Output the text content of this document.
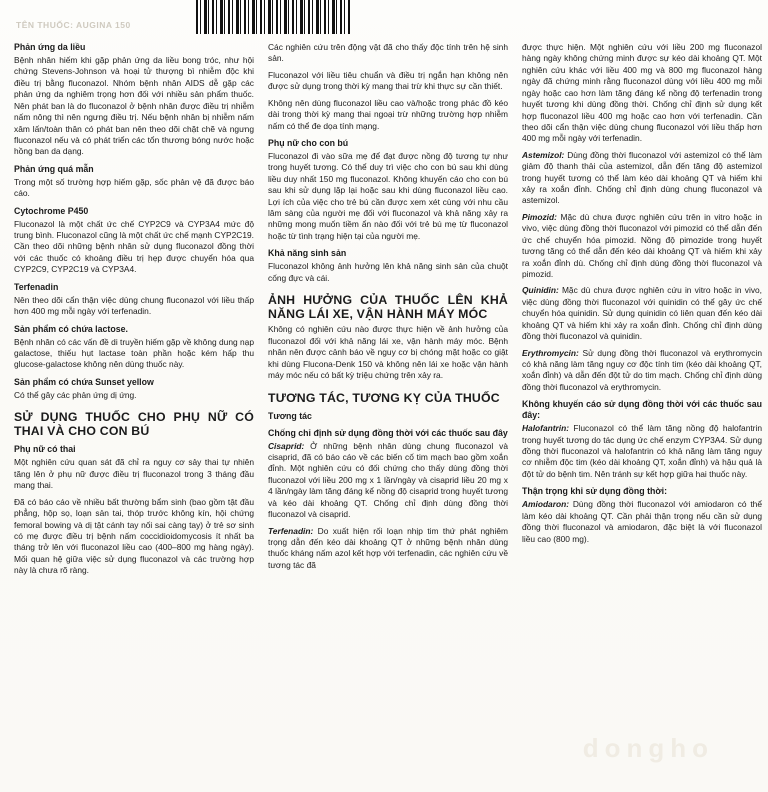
TÊN THUỐC: AUGINA 150
Phản ứng da liều

Bệnh nhân hiếm khi gặp phản ứng da liều bong tróc, như hội chứng Stevens-Johnson và hoại tử thượng bì nhiễm độc khi điều trị bằng fluconazol. Nhóm bệnh nhân AIDS dễ gặp các phản ứng da nghiêm trọng hơn đối với nhiều sản phẩm thuốc. Nên phát ban là do fluconazol ở bệnh nhân được điều trị nhiễm nấm nông thì nên ngưng điều trị. Nếu bệnh nhân bị nhiễm nấm xâm lấn/toàn thân có phát ban nên theo dõi chặt chẽ và ngưng fluconazol nếu và có phát triển các tổn thương bóng nước hoặc hồng ban da dạng.

Phản ứng quá mẫn

Trong một số trường hợp hiếm gặp, sốc phản vệ đã được báo cáo.

Cytochrome P450

Fluconazol là một chất ức chế CYP2C9 và CYP3A4 mức độ trung bình. Fluconazol cũng là một chất ức chế mạnh CYP2C19. Cần theo dõi những bệnh nhân sử dụng fluconazol đồng thời với các thuốc có khoảng điều trị hẹp được chuyển hóa qua CYP2C9, CYP2C19 và CYP3A4.

Terfenadin

Nên theo dõi cẩn thận việc dùng chung fluconazol với liều thấp hơn 400 mg mỗi ngày với terfenadin.

Sản phẩm có chứa lactose.

Bệnh nhân có các vấn đề di truyền hiếm gặp về không dung nạp galactose, thiếu hụt lactase toàn phần hoặc kém hấp thu glucose-galactose không nên dùng thuốc này.

Sản phẩm có chứa Sunset yellow

Có thể gây các phản ứng dị ứng.

SỬ DỤNG THUỐC CHO PHỤ NỮ CÓ THAI VÀ CHO CON BÚ
Phụ nữ có thai

Một nghiên cứu quan sát đã chỉ ra nguy cơ sảy thai tự nhiên tăng lên ở phụ nữ được điều trị fluconazol trong 3 tháng đầu mang thai.

Đã có báo cáo về nhiều bất thường bẩm sinh (bao gồm tật đầu phẳng, hộp sọ, loạn sản tai, thóp trước không kín, hội chứng femoral bowing và dị tật cánh tay nối sai càng tay) ở trẻ sơ sinh có mẹ được điều trị bệnh nấm coccidioidomycosis ít nhất ba tháng trở lên với fluconazol liều cao (400–800 mg hàng ngày). Mối quan hệ giữa việc sử dụng fluconazol và các trường hợp này là chưa rõ ràng.

Các nghiên cứu trên động vật đã cho thấy độc tính trên hệ sinh sản.

Fluconazol với liều tiêu chuẩn và điều trị ngắn hạn không nên được sử dụng trong thời kỳ mang thai trừ khi thực sự cần thiết.

Không nên dùng fluconazol liều cao và/hoặc trong phác đồ kéo dài trong thời kỳ mang thai ngoại trừ những trường hợp nhiễm nấm có thể đe dọa tính mạng.

Phụ nữ cho con bú

Fluconazol đi vào sữa mẹ để đạt được nồng độ tương tự như trong huyết tương. Có thể duy trì việc cho con bú sau khi dùng liều duy nhất 150 mg fluconazol. Không khuyến cáo cho con bú sau khi sử dụng lặp lại hoặc sau khi dùng fluconazol liều cao. Lợi ích của việc cho trẻ bú cần được xem xét cùng với nhu cầu lâm sàng của người mẹ đối với fluconazol và khả năng xảy ra những mong muốn tiềm ẩn nào đối với trẻ bú mẹ từ fluconazol hoặc từ tình trạng hiện tại của người mẹ.

Khả năng sinh sản

Fluconazol không ảnh hưởng lên khả năng sinh sản của chuột cống đực và cái.

ẢNH HƯỞNG CỦA THUỐC LÊN KHẢ NĂNG LÁI XE, VẬN HÀNH MÁY MÓC

Không có nghiên cứu nào được thực hiện về ảnh hưởng của fluconazol đối với khả năng lái xe, vận hành máy móc. Bệnh nhân nên được cảnh báo về nguy cơ bị chóng mặt hoặc co giật khi dùng Flucona-Denk 150 và không nên lái xe hoặc vận hành máy móc nếu có bất kỳ triệu chứng trên xảy ra.

TƯƠNG TÁC, TƯƠNG KỴ CỦA THUỐC
Tương tác
Chống chỉ định sử dụng đồng thời với các thuốc sau đây

Cisaprid: Ở những bệnh nhân dùng chung fluconazol và cisaprid, đã có báo cáo về các biến cố tim mạch bao gồm xoắn đỉnh. Một nghiên cứu có đối chứng cho thấy dùng đồng thời fluconazol với liều 200 mg x 1 lần/ngày và cisaprid liều 20 mg x 4 lần/ngày làm tăng đáng kể nồng độ cisaprid trong huyết tương và kéo dài khoảng QT. Chống chỉ định dùng đồng thời fluconazol và cisaprid.

Terfenadin: Do xuất hiện rối loạn nhịp tim thứ phát nghiêm trọng dẫn đến kéo dài khoảng QT ở những bệnh nhân dùng thuốc kháng nấm azol kết hợp với terfenadin, các nghiên cứu về tương tác đã

được thực hiện. Một nghiên cứu với liều 200 mg fluconazol hàng ngày không chứng minh được sự kéo dài khoảng QT. Một nghiên cứu khác với liều 400 mg và 800 mg fluconazol hàng ngày đã chứng minh rằng fluconazol dùng với liều 400 mg mỗi ngày hoặc cao hơn làm tăng đáng kể nồng độ terfenadin trong huyết tương khi dùng đồng thời. Chống chỉ định sử dụng kết hợp fluconazol liều 400 mg hoặc cao hơn với terfenadin. Cần theo dõi cẩn thận việc dùng chung fluconazol với liều thấp hơn 400 mg mỗi ngày với terfenadin.

Astemizol: Dùng đồng thời fluconazol với astemizol có thể làm giảm độ thanh thải của astemizol, dẫn đến tăng độ astemizol trong huyết tương có thể làm kéo dài khoảng QT và hiếm khi xảy ra xoắn đỉnh. Chống chỉ định dùng chung fluconazol và astemizol.

Pimozid: Mặc dù chưa được nghiên cứu trên in vitro hoặc in vivo, việc dùng đồng thời fluconazol với pimozid có thể dẫn đến ức chế chuyển hóa pimozid. Nồng độ pimozide trong huyết tương tăng có thể dẫn đến kéo dài khoảng QT và hiếm khi xảy ra xoắn đỉnh dù. Chống chỉ định dùng đồng thời fluconazol và pimozid.

Quinidin: Mặc dù chưa được nghiên cứu in vitro hoặc in vivo, việc dùng đồng thời fluconazol với quinidin có thể gây ức chế chuyển hóa quinidin. Sử dụng quinidin có liên quan đến kéo dài khoảng QT và hiếm khi xảy ra xoắn đỉnh. Chống chỉ định dùng đồng thời fluconazol và quinidin.

Erythromycin: Sử dụng đồng thời fluconazol và erythromycin có khả năng làm tăng nguy cơ độc tính tim (kéo dài khoảng QT, xoắn đỉnh) và dẫn đến đột tử do tim mạch. Chống chỉ định dùng đồng thời fluconazol và erythromycin.

Không khuyến cáo sử dụng đồng thời với các thuốc sau đây:

Halofantrin: Fluconazol có thể làm tăng nồng độ halofantrin trong huyết tương do tác dụng ức chế enzym CYP3A4. Sử dụng đồng thời fluconazol và halofantrin có khả năng làm tăng nguy cơ nhiễm độc tim (kéo dài khoảng QT, xoắn đỉnh) và hậu quả là đột tử do bệnh tim. Nên tránh sự kết hợp giữa hai thuốc này.

Thận trọng khi sử dụng đồng thời:

Amiodaron: Dùng đồng thời fluconazol với amiodaron có thể làm kéo dài khoảng QT. Cần phải thận trọng nếu cần sử dụng đồng thời fluconazol và amiodaron, đặc biệt là với fluconazol liều cao (800 mg).

dongho
